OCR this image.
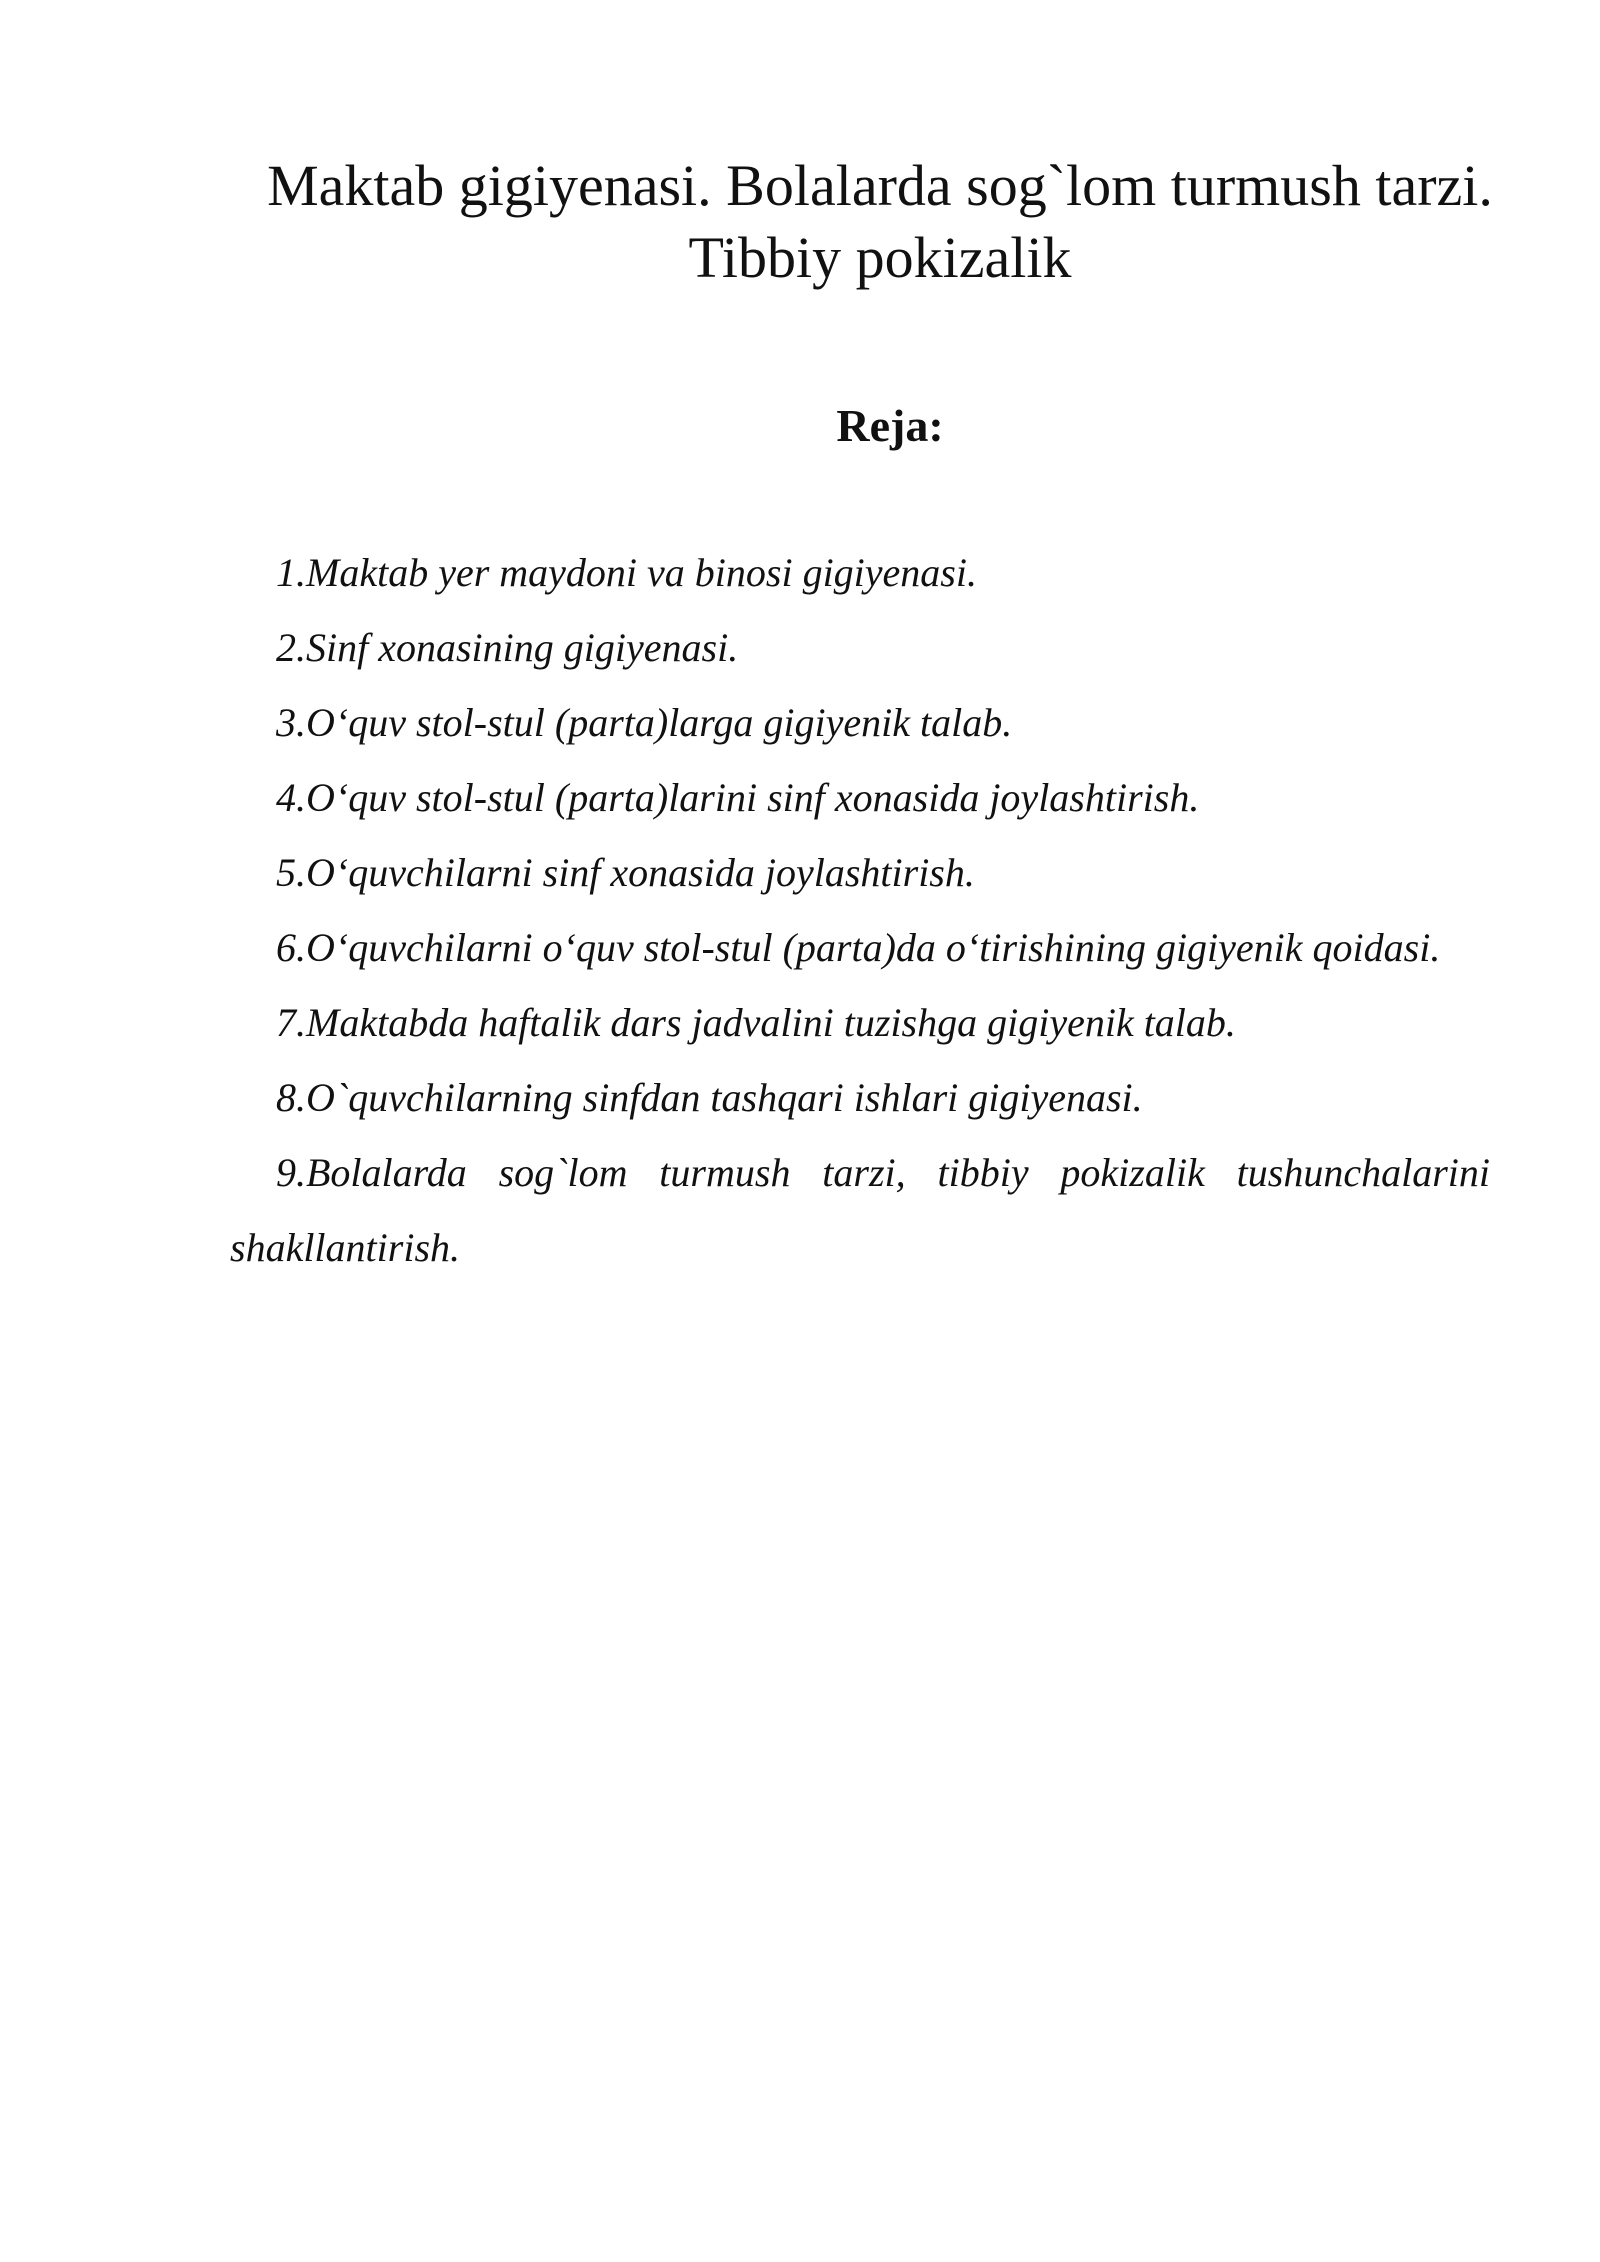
Maktab gigiyenasi. Bolalarda sog`lom turmush tarzi. Tibbiy pokizalik
Reja:
1.Maktab yer maydoni va binosi gigiyenasi.
2.Sinf xonasining gigiyenasi.
3.O‘quv stol-stul (parta)larga gigiyenik talab.
4.O‘quv stol-stul (parta)larini sinf xonasida joylashtirish.
5.O‘quvchilarni sinf xonasida joylashtirish.
6.O‘quvchilarni o‘quv stol-stul (parta)da o‘tirishining gigiyenik qoidasi.
7.Maktabda haftalik dars jadvalini tuzishga gigiyenik talab.
8.O`quvchilarning sinfdan tashqari ishlari gigiyenasi.
9.Bolalarda sog`lom turmush tarzi, tibbiy pokizalik tushunchalarini shakllantirish.
